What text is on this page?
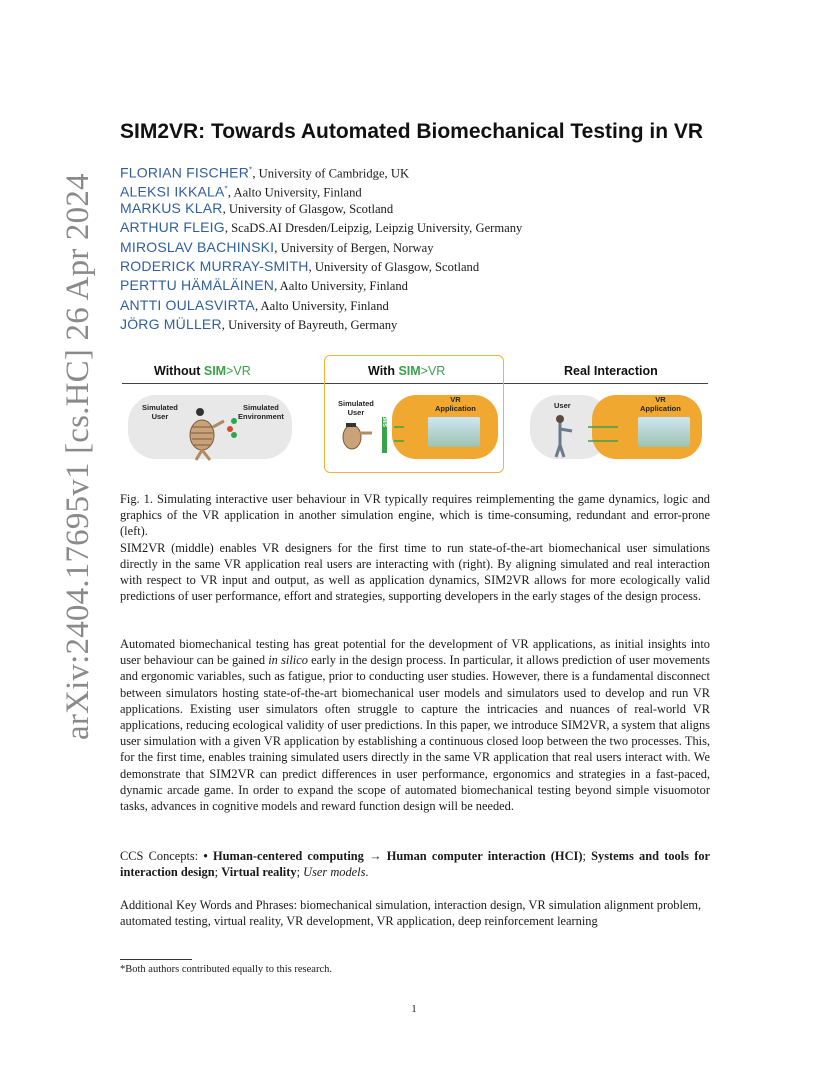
arXiv:2404.17695v1 [cs.HC] 26 Apr 2024
SIM2VR: Towards Automated Biomechanical Testing in VR
FLORIAN FISCHER*, University of Cambridge, UK
ALEKSI IKKALA*, Aalto University, Finland
MARKUS KLAR, University of Glasgow, Scotland
ARTHUR FLEIG, ScaDS.AI Dresden/Leipzig, Leipzig University, Germany
MIROSLAV BACHINSKI, University of Bergen, Norway
RODERICK MURRAY-SMITH, University of Glasgow, Scotland
PERTTU HÄMÄLÄINEN, Aalto University, Finland
ANTTI OULASVIRTA, Aalto University, Finland
JÖRG MÜLLER, University of Bayreuth, Germany
Without SIM>VR	With SIM>VR	Real Interaction
Simulated
User
Simulated
Environment
Simulated
User
VR
Application
SIM2VR
User
VR
Application

Fig. 1. Simulating interactive user behaviour in VR typically requires reimplementing the game dynamics, logic and graphics of the VR application in another simulation engine, which is time-consuming, redundant and error-prone (left).

SIM2VR (middle) enables VR designers for the first time to run state-of-the-art biomechanical user simulations directly in the same VR application real users are interacting with (right). By aligning simulated and real interaction with respect to VR input and output, as well as application dynamics, SIM2VR allows for more ecologically valid predictions of user performance, effort and strategies, supporting developers in the early stages of the design process.

Automated biomechanical testing has great potential for the development of VR applications, as initial insights into user behaviour can be gained in silico early in the design process. In particular, it allows prediction of user movements and ergonomic variables, such as fatigue, prior to conducting user studies. However, there is a fundamental disconnect between simulators hosting state-of-the-art biomechanical user models and simulators used to develop and run VR applications. Existing user simulators often struggle to capture the intricacies and nuances of real-world VR applications, reducing ecological validity of user predictions. In this paper, we introduce SIM2VR, a system that aligns user simulation with a given VR application by establishing a continuous closed loop between the two processes. This, for the first time, enables training simulated users directly in the same VR application that real users interact with. We demonstrate that SIM2VR can predict differences in user performance, ergonomics and strategies in a fast-paced, dynamic arcade game. In order to expand the scope of automated biomechanical testing beyond simple visuomotor tasks, advances in cognitive models and reward function design will be needed.

CCS Concepts: • Human-centered computing → Human computer interaction (HCI); Systems and tools for interaction design; Virtual reality; User models.
Additional Key Words and Phrases: biomechanical simulation, interaction design, VR simulation alignment problem, automated testing, virtual reality, VR development, VR application, deep reinforcement learning
*Both authors contributed equally to this research.
1
